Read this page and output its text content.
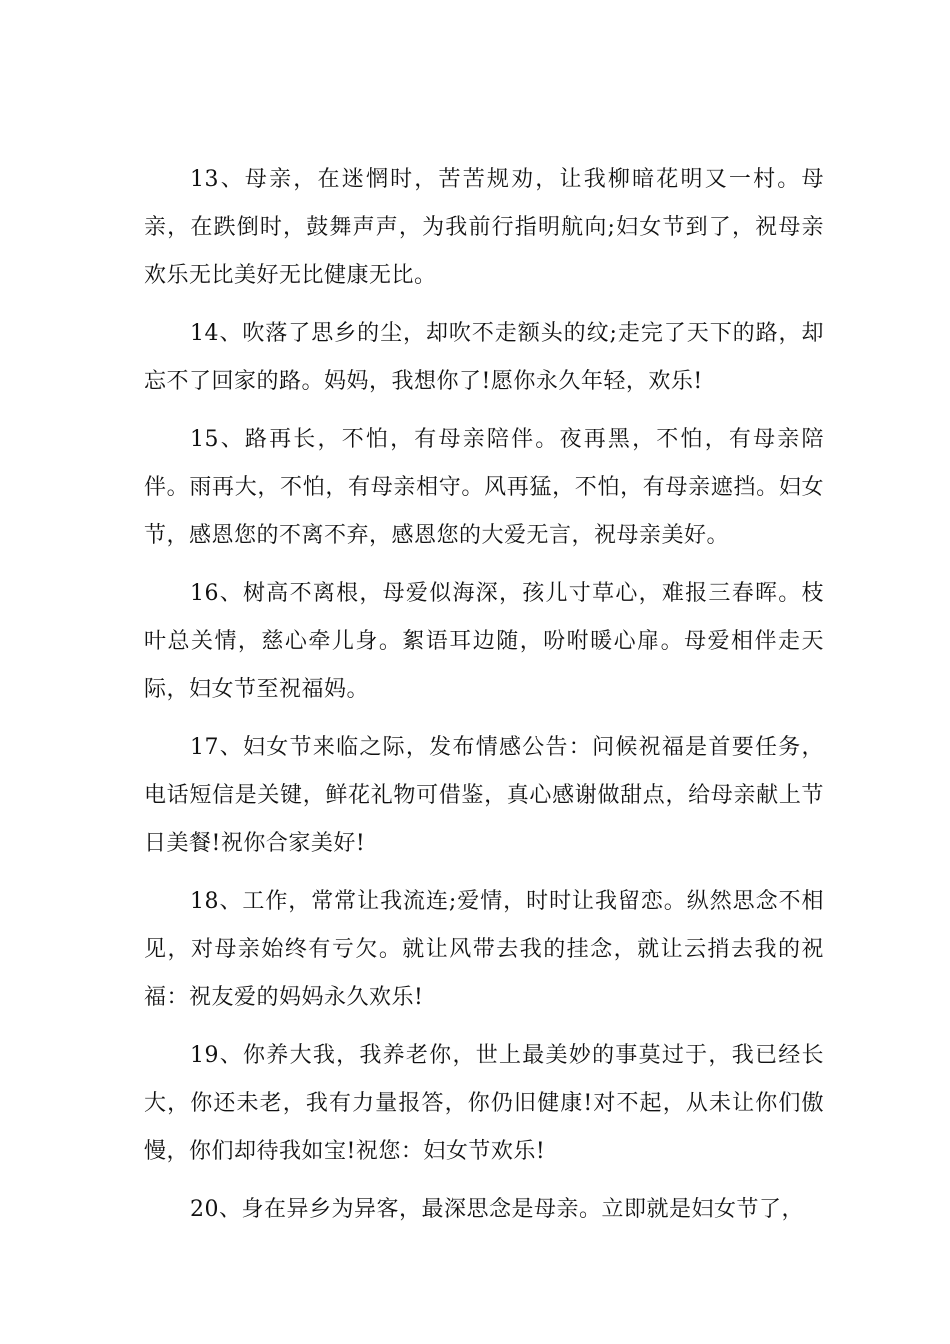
13、母亲，在迷惘时，苦苦规劝，让我柳暗花明又一村。母亲，在跌倒时，鼓舞声声，为我前行指明航向;妇女节到了，祝母亲欢乐无比美好无比健康无比。

14、吹落了思乡的尘，却吹不走额头的纹;走完了天下的路，却忘不了回家的路。妈妈，我想你了!愿你永久年轻，欢乐!

15、路再长，不怕，有母亲陪伴。夜再黑，不怕，有母亲陪伴。雨再大，不怕，有母亲相守。风再猛，不怕，有母亲遮挡。妇女节，感恩您的不离不弃，感恩您的大爱无言，祝母亲美好。

16、树高不离根，母爱似海深，孩儿寸草心，难报三春晖。枝叶总关情，慈心牵儿身。絮语耳边随，吩咐暖心扉。母爱相伴走天际，妇女节至祝福妈。

17、妇女节来临之际，发布情感公告：问候祝福是首要任务，电话短信是关键，鲜花礼物可借鉴，真心感谢做甜点，给母亲献上节日美餐!祝你合家美好!

18、工作，常常让我流连;爱情，时时让我留恋。纵然思念不相见，对母亲始终有亏欠。就让风带去我的挂念，就让云捎去我的祝福：祝友爱的妈妈永久欢乐!

19、你养大我，我养老你，世上最美妙的事莫过于，我已经长大，你还未老，我有力量报答，你仍旧健康!对不起，从未让你们傲慢，你们却待我如宝!祝您：妇女节欢乐!

20、身在异乡为异客，最深思念是母亲。立即就是妇女节了，
